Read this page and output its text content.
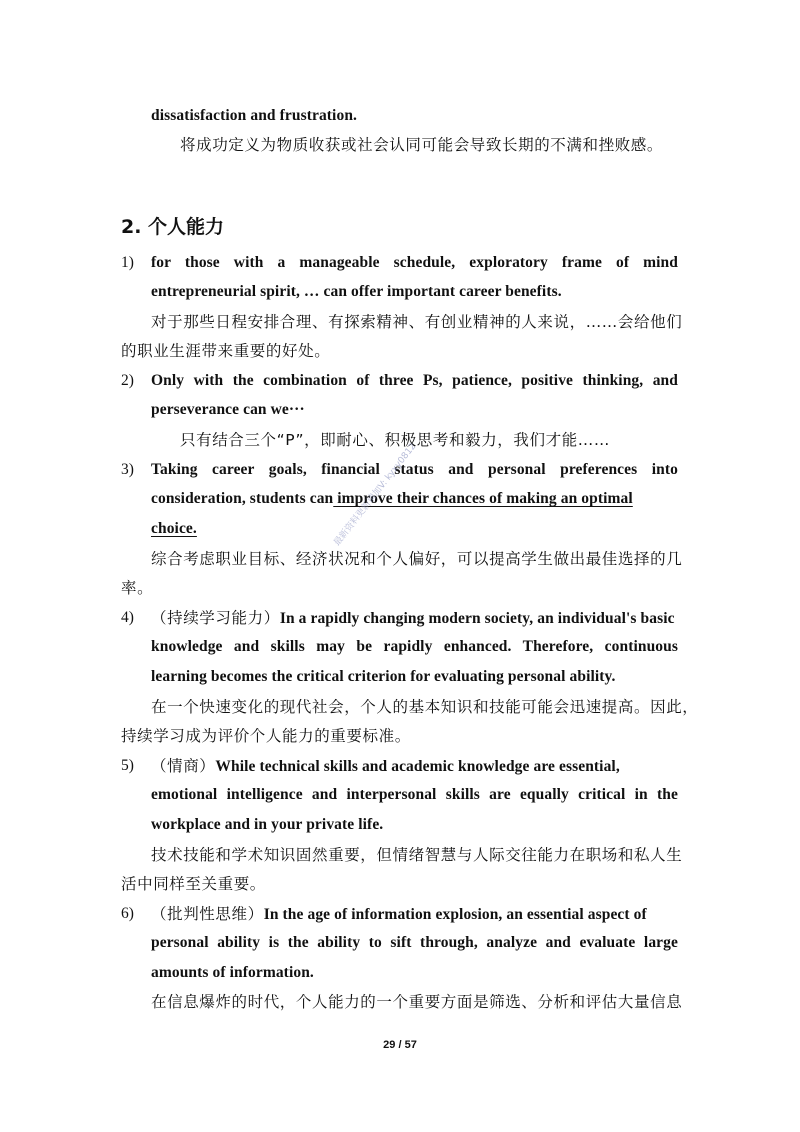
dissatisfaction and frustration.
将成功定义为物质收获或社会认同可能会导致长期的不满和挫败感。
2. 个人能力
1) for those with a manageable schedule, exploratory frame of mind
entrepreneurial spirit, … can offer important career benefits.
对于那些日程安排合理、有探索精神、有创业精神的人来说，……会给他们
的职业生涯带来重要的好处。
2) Only with the combination of three Ps, patience, positive thinking, and
perseverance can we···
只有结合三个“P”，即耐心、积极思考和毅力，我们才能……
3) Taking career goals, financial status and personal preferences into
consideration, students can improve their chances of making an optimal
choice.
综合考虑职业目标、经济状况和个人偏好，可以提高学生做出最佳选择的几
率。
4) （持续学习能力）In a rapidly changing modern society, an individual's basic
knowledge and skills may be rapidly enhanced. Therefore, continuous
learning becomes the critical criterion for evaluating personal ability.
在一个快速变化的现代社会，个人的基本知识和技能可能会迅速提高。因此，
持续学习成为评价个人能力的重要标准。
5) （情商）While technical skills and academic knowledge are essential,
emotional intelligence and interpersonal skills are equally critical in the
workplace and in your private life.
技术技能和学术知识固然重要，但情绪智慧与人际交往能力在职场和私人生
活中同样至关重要。
6) （批判性思维）In the age of information explosion, an essential aspect of
personal ability is the ability to sift through, analyze and evaluate large
amounts of information.
在信息爆炸的时代，个人能力的一个重要方面是筛选、分析和评估大量信息
最新资料更新请加V: kyxy0812
29 / 57
